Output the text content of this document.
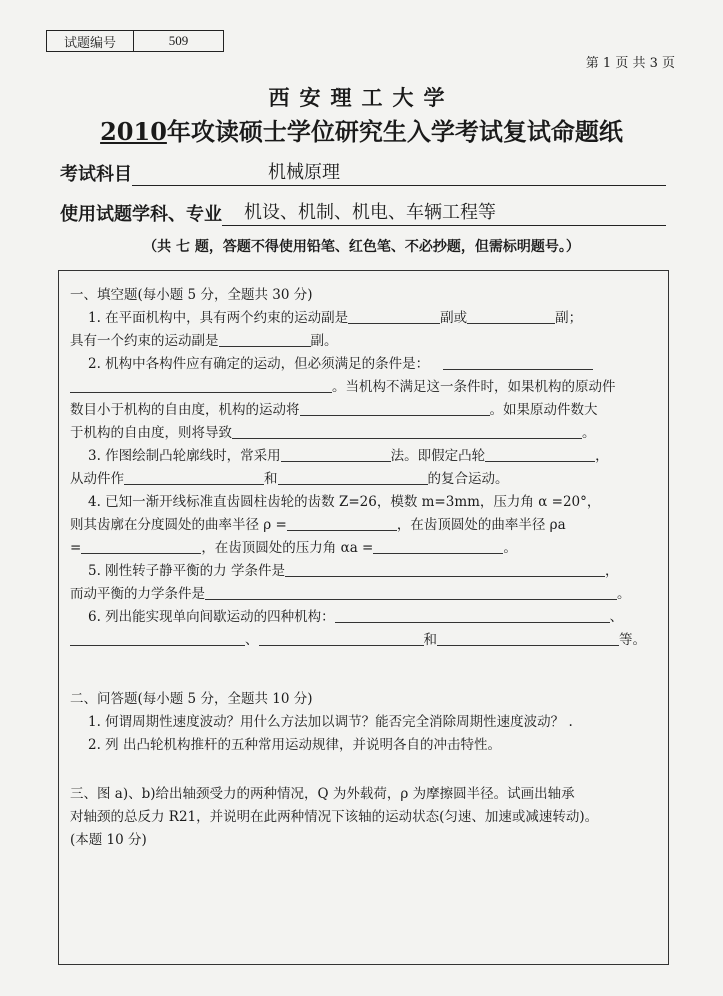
试题编号	509
第 1 页 共 3 页
西安理工大学
2010年攻读硕士学位研究生入学考试复试命题纸
考试科目	机械原理
使用试题学科、专业	机设、机制、机电、车辆工程等
（共 七 题，答题不得使用铅笔、红色笔、不必抄题，但需标明题号。）

一、填空题(每小题 5 分，全题共 30 分)

1. 在平面机构中，具有两个约束的运动副是	副或	副；

具有一个约束的运动副是	副。

2. 机构中各构件应有确定的运动，但必须满足的条件是：

。当机构不满足这一条件时，如果机构的原动件

数目小于机构的自由度，机构的运动将	。如果原动件数大

于机构的自由度，则将导致	。

3. 作图绘制凸轮廓线时，常采用	法。即假定凸轮	，

从动件作	和	的复合运动。

4. 已知一渐开线标准直齿圆柱齿轮的齿数 Z=26，模数 m=3mm，压力角 α =20°，

则其齿廓在分度圆处的曲率半径 ρ =	，在齿顶圆处的曲率半径 ρa

=	，在齿顶圆处的压力角 αa =	。

5. 刚性转子静平衡的力 学条件是	，

而动平衡的力学条件是	。

6. 列出能实现单向间歇运动的四种机构：	、

、	和	等。

二、问答题(每小题 5 分，全题共 10 分)

1. 何谓周期性速度波动？用什么方法加以调节？能否完全消除周期性速度波动？ .

2. 列 出凸轮机构推杆的五种常用运动规律，并说明各自的冲击特性。

三、图 a)、b)给出轴颈受力的两种情况，Q 为外载荷，ρ 为摩擦圆半径。试画出轴承

对轴颈的总反力 R21，并说明在此两种情况下该轴的运动状态(匀速、加速或减速转动)。

(本题 10 分)
